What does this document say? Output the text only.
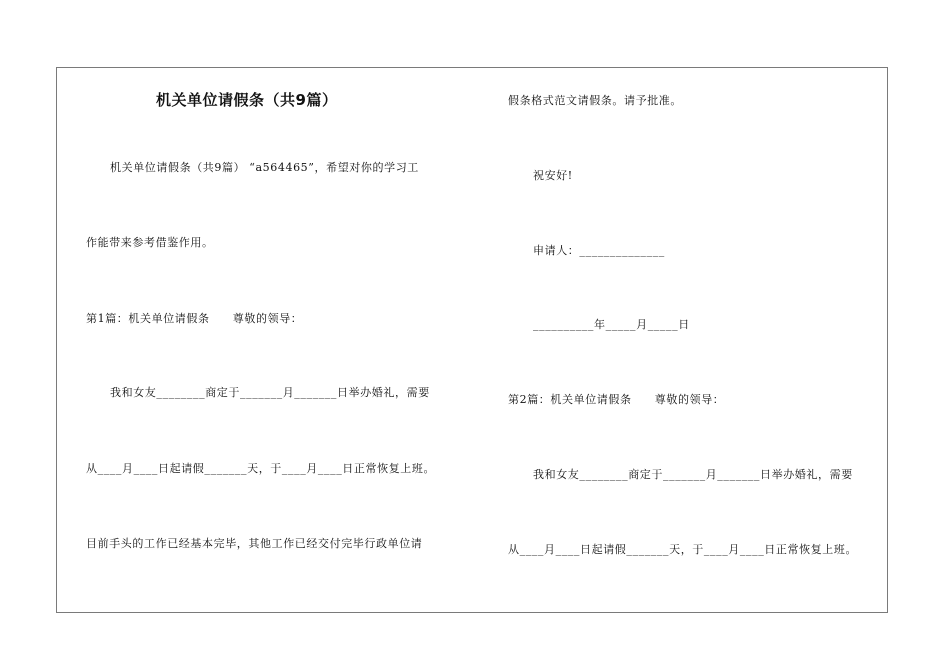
机关单位请假条（共9篇）
机关单位请假条（共9篇） “a564465”，希望对你的学习工
作能带来参考借鉴作用。
第1篇：机关单位请假条　　尊敬的领导：
我和女友________商定于_______月_______日举办婚礼，需要
从____月____日起请假_______天，于____月____日正常恢复上班。
目前手头的工作已经基本完毕，其他工作已经交付完毕行政单位请
假条格式范文请假条。请予批准。
祝安好!
申请人：______________
__________年_____月_____日
第2篇：机关单位请假条　　尊敬的领导：
我和女友________商定于_______月_______日举办婚礼，需要
从____月____日起请假_______天，于____月____日正常恢复上班。
